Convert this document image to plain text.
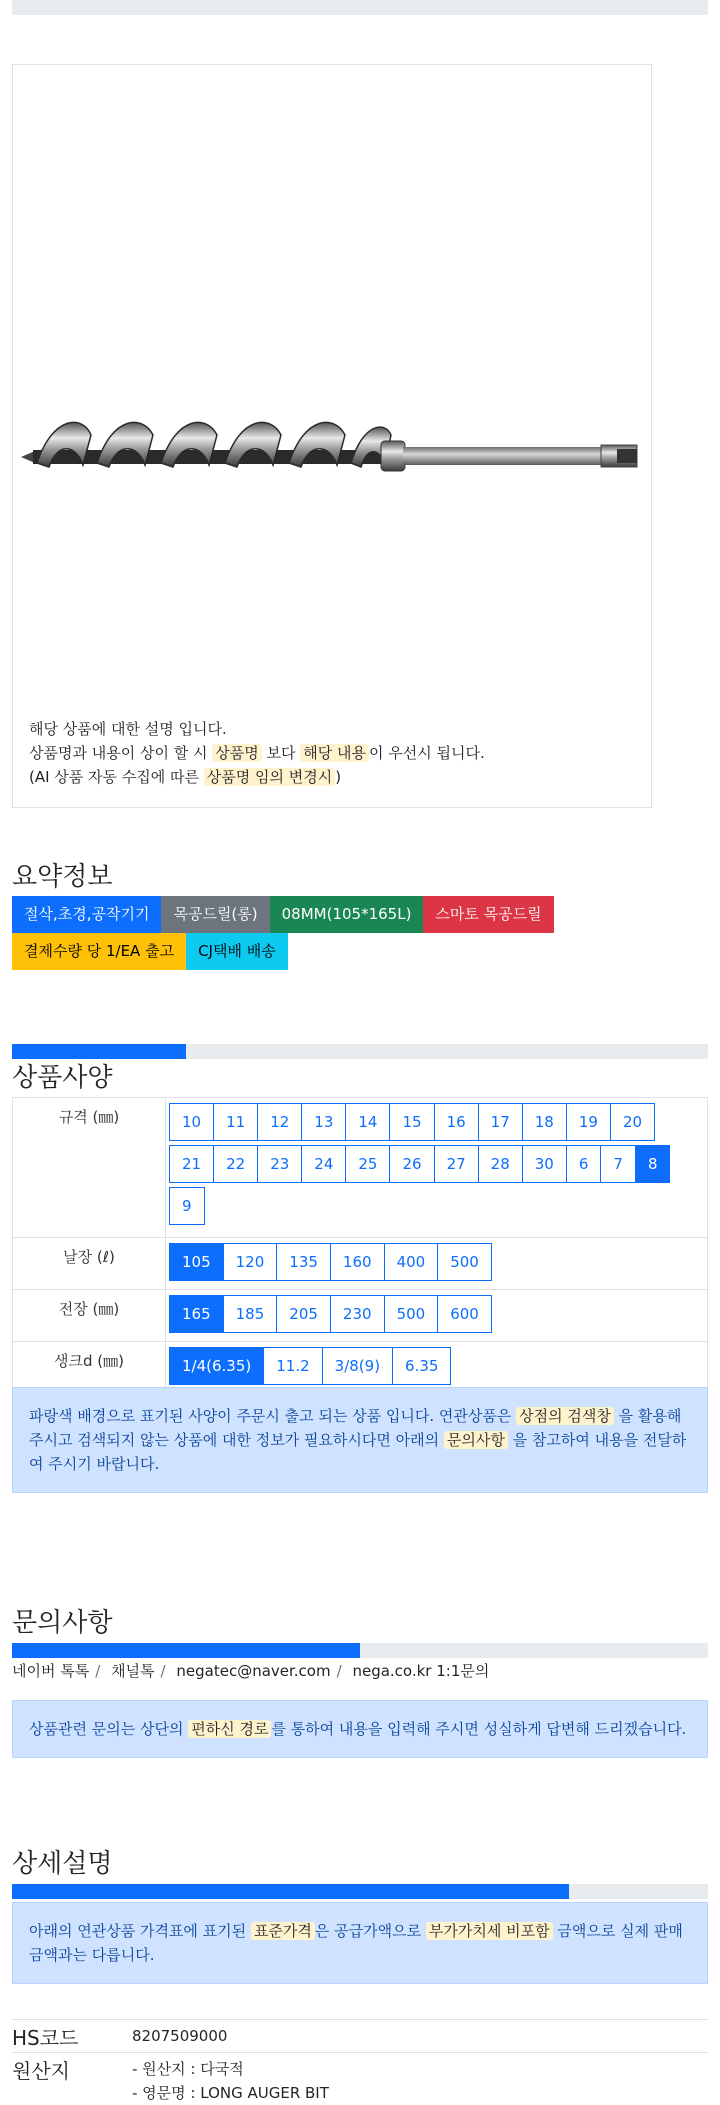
해당 상품에 대한 설명 입니다.
상품명과 내용이 상이 할 시 상품명 보다 해당 내용 이 우선시 됩니다.
(AI 상품 자동 수집에 따른 상품명 임의 변경시 )
요약정보
절삭,초경,공작기기	목공드릴(롱)	08MM(105*165L)	스마토 목공드릴
결제수량 당 1/EA 출고	CJ택배 배송
상품사양
규격 (㎜)	10 11 12 13 14 15 16 17 18 19 20
21 22 23 24 25 26 27 28 30 6 7 8
9
날장 (ℓ)	105 120 135 160 400 500
전장 (㎜)	165 185 205 230 500 600
생크d (㎜)	1/4(6.35) 11.2 3/8(9) 6.35
파랑색 배경으로 표기된 사양이 주문시 출고 되는 상품 입니다. 연관상품은 상점의 검색창 을 활용해 주시고 검색되지 않는 상품에 대한 정보가 필요하시다면 아래의 문의사항 을 참고하여 내용을 전달하여 주시기 바랍니다.
문의사항
네이버 톡톡 / 채널톡 / negatec@naver.com / nega.co.kr 1:1문의
상품관련 문의는 상단의 편하신 경로 를 통하여 내용을 입력해 주시면 성실하게 답변해 드리겠습니다.
상세설명
아래의 연관상품 가격표에 표기된 표준가격 은 공급가액으로 부가가치세 비포함 금액으로 실제 판매금액과는 다릅니다.
HS코드	8207509000
원산지	- 원산지 : 다국적
- 영문명 : LONG AUGER BIT
